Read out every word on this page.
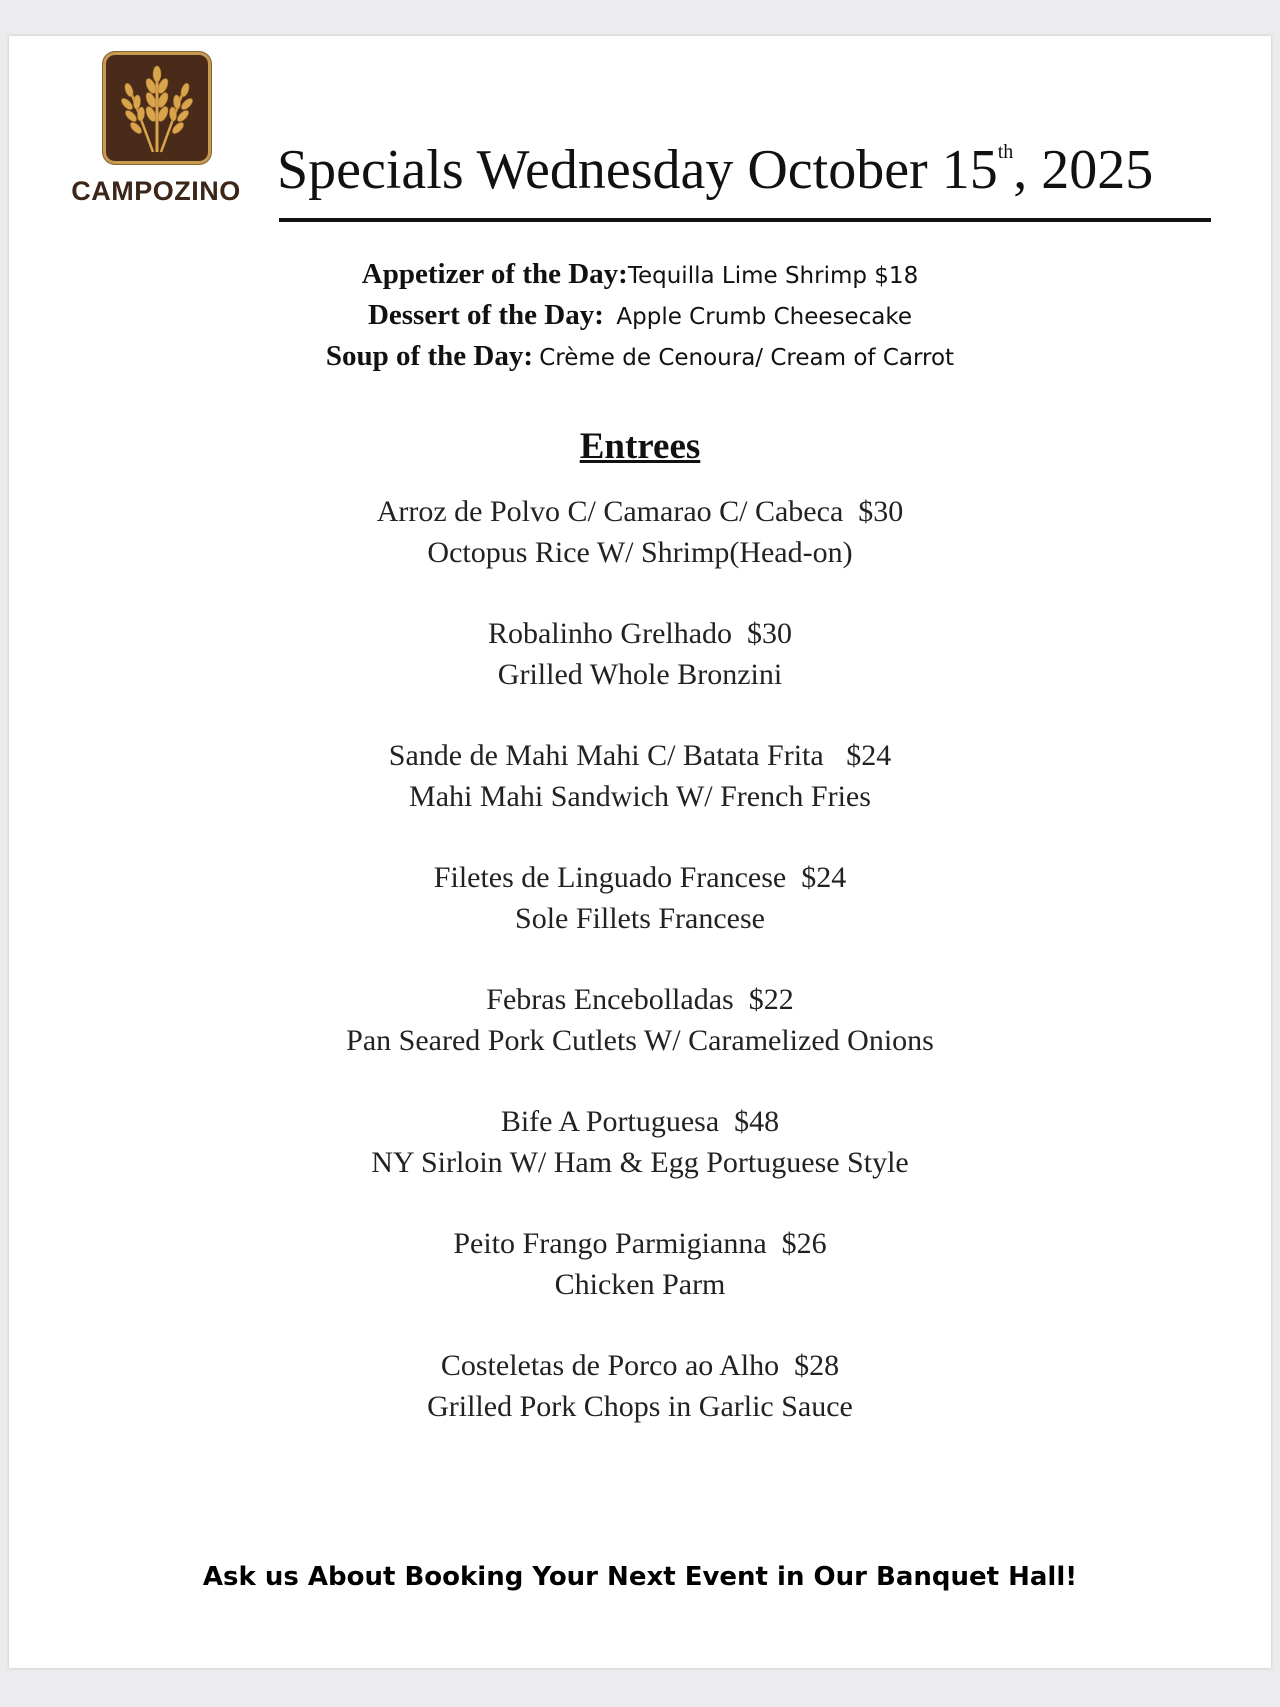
CAMPOZINO Specials Wednesday October 15th, 2025
Appetizer of the Day:Tequilla Lime Shrimp $18
Dessert of the Day: Apple Crumb Cheesecake
Soup of the Day: Crème de Cenoura/ Cream of Carrot
Entrees
Arroz de Polvo C/ Camarao C/ Cabeca  $30
Octopus Rice W/ Shrimp(Head-on)
Robalinho Grelhado  $30
Grilled Whole Bronzini
Sande de Mahi Mahi C/ Batata Frita   $24
Mahi Mahi Sandwich W/ French Fries
Filetes de Linguado Francese  $24
Sole Fillets Francese
Febras Encebolladas  $22
Pan Seared Pork Cutlets W/ Caramelized Onions
Bife A Portuguesa  $48
NY Sirloin W/ Ham & Egg Portuguese Style
Peito Frango Parmigianna  $26
Chicken Parm
Costeletas de Porco ao Alho  $28
Grilled Pork Chops in Garlic Sauce
Ask us About Booking Your Next Event in Our Banquet Hall!
